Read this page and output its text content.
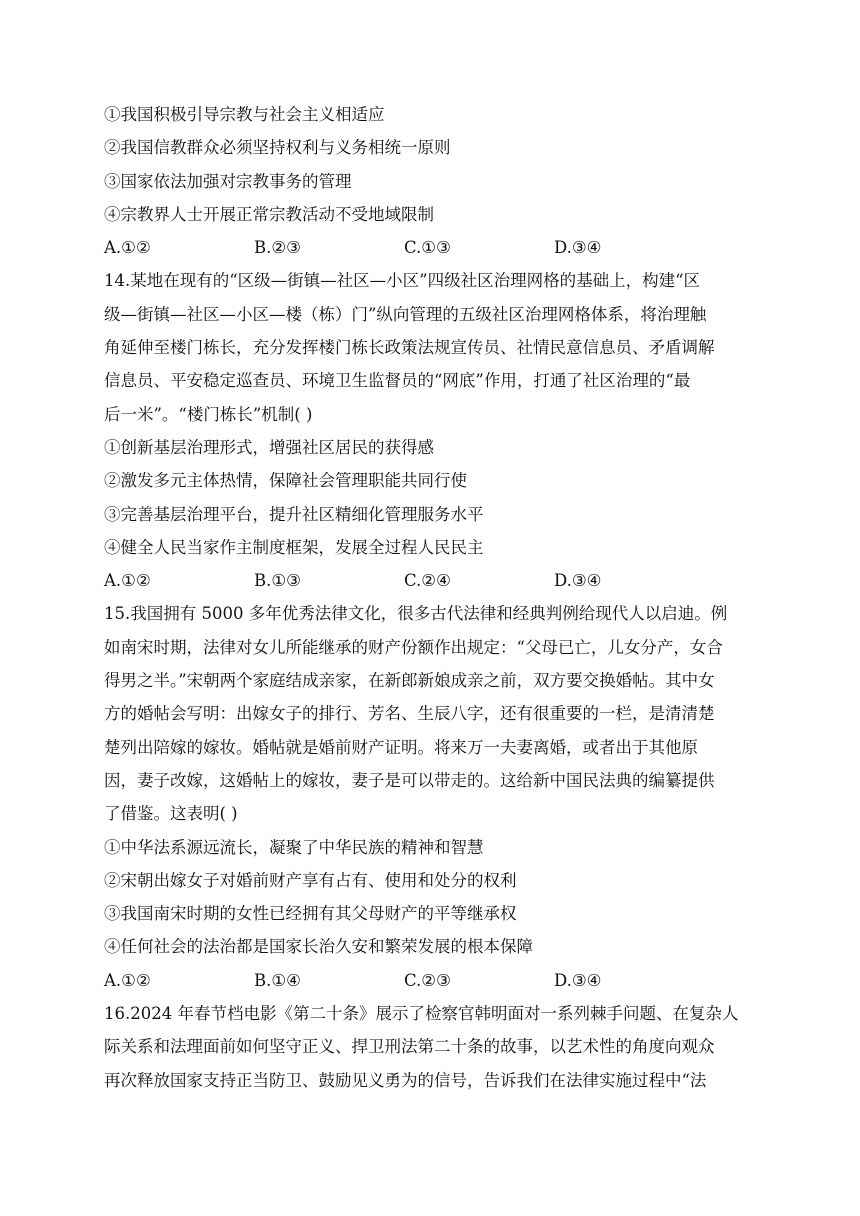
①我国积极引导宗教与社会主义相适应
②我国信教群众必须坚持权利与义务相统一原则
③国家依法加强对宗教事务的管理
④宗教界人士开展正常宗教活动不受地域限制
A.①②	B.②③	C.①③	D.③④
14.某地在现有的“区级—街镇—社区—小区”四级社区治理网格的基础上，构建“区
级—街镇—社区—小区—楼（栋）门”纵向管理的五级社区治理网格体系，将治理触
角延伸至楼门栋长，充分发挥楼门栋长政策法规宣传员、社情民意信息员、矛盾调解
信息员、平安稳定巡查员、环境卫生监督员的“网底”作用，打通了社区治理的“最
后一米”。“楼门栋长”机制( )
①创新基层治理形式，增强社区居民的获得感
②激发多元主体热情，保障社会管理职能共同行使
③完善基层治理平台，提升社区精细化管理服务水平
④健全人民当家作主制度框架，发展全过程人民民主
A.①②	B.①③	C.②④	D.③④
15.我国拥有 5000 多年优秀法律文化，很多古代法律和经典判例给现代人以启迪。例
如南宋时期，法律对女儿所能继承的财产份额作出规定：“父母已亡，儿女分产，女合
得男之半。”宋朝两个家庭结成亲家，在新郎新娘成亲之前，双方要交换婚帖。其中女
方的婚帖会写明：出嫁女子的排行、芳名、生辰八字，还有很重要的一栏，是清清楚
楚列出陪嫁的嫁妆。婚帖就是婚前财产证明。将来万一夫妻离婚，或者出于其他原
因，妻子改嫁，这婚帖上的嫁妆，妻子是可以带走的。这给新中国民法典的编纂提供
了借鉴。这表明( )
①中华法系源远流长，凝聚了中华民族的精神和智慧
②宋朝出嫁女子对婚前财产享有占有、使用和处分的权利
③我国南宋时期的女性已经拥有其父母财产的平等继承权
④任何社会的法治都是国家长治久安和繁荣发展的根本保障
A.①②	B.①④	C.②③	D.③④
16.2024 年春节档电影《第二十条》展示了检察官韩明面对一系列棘手问题、在复杂人
际关系和法理面前如何坚守正义、捍卫刑法第二十条的故事，以艺术性的角度向观众
再次释放国家支持正当防卫、鼓励见义勇为的信号，告诉我们在法律实施过程中“法
